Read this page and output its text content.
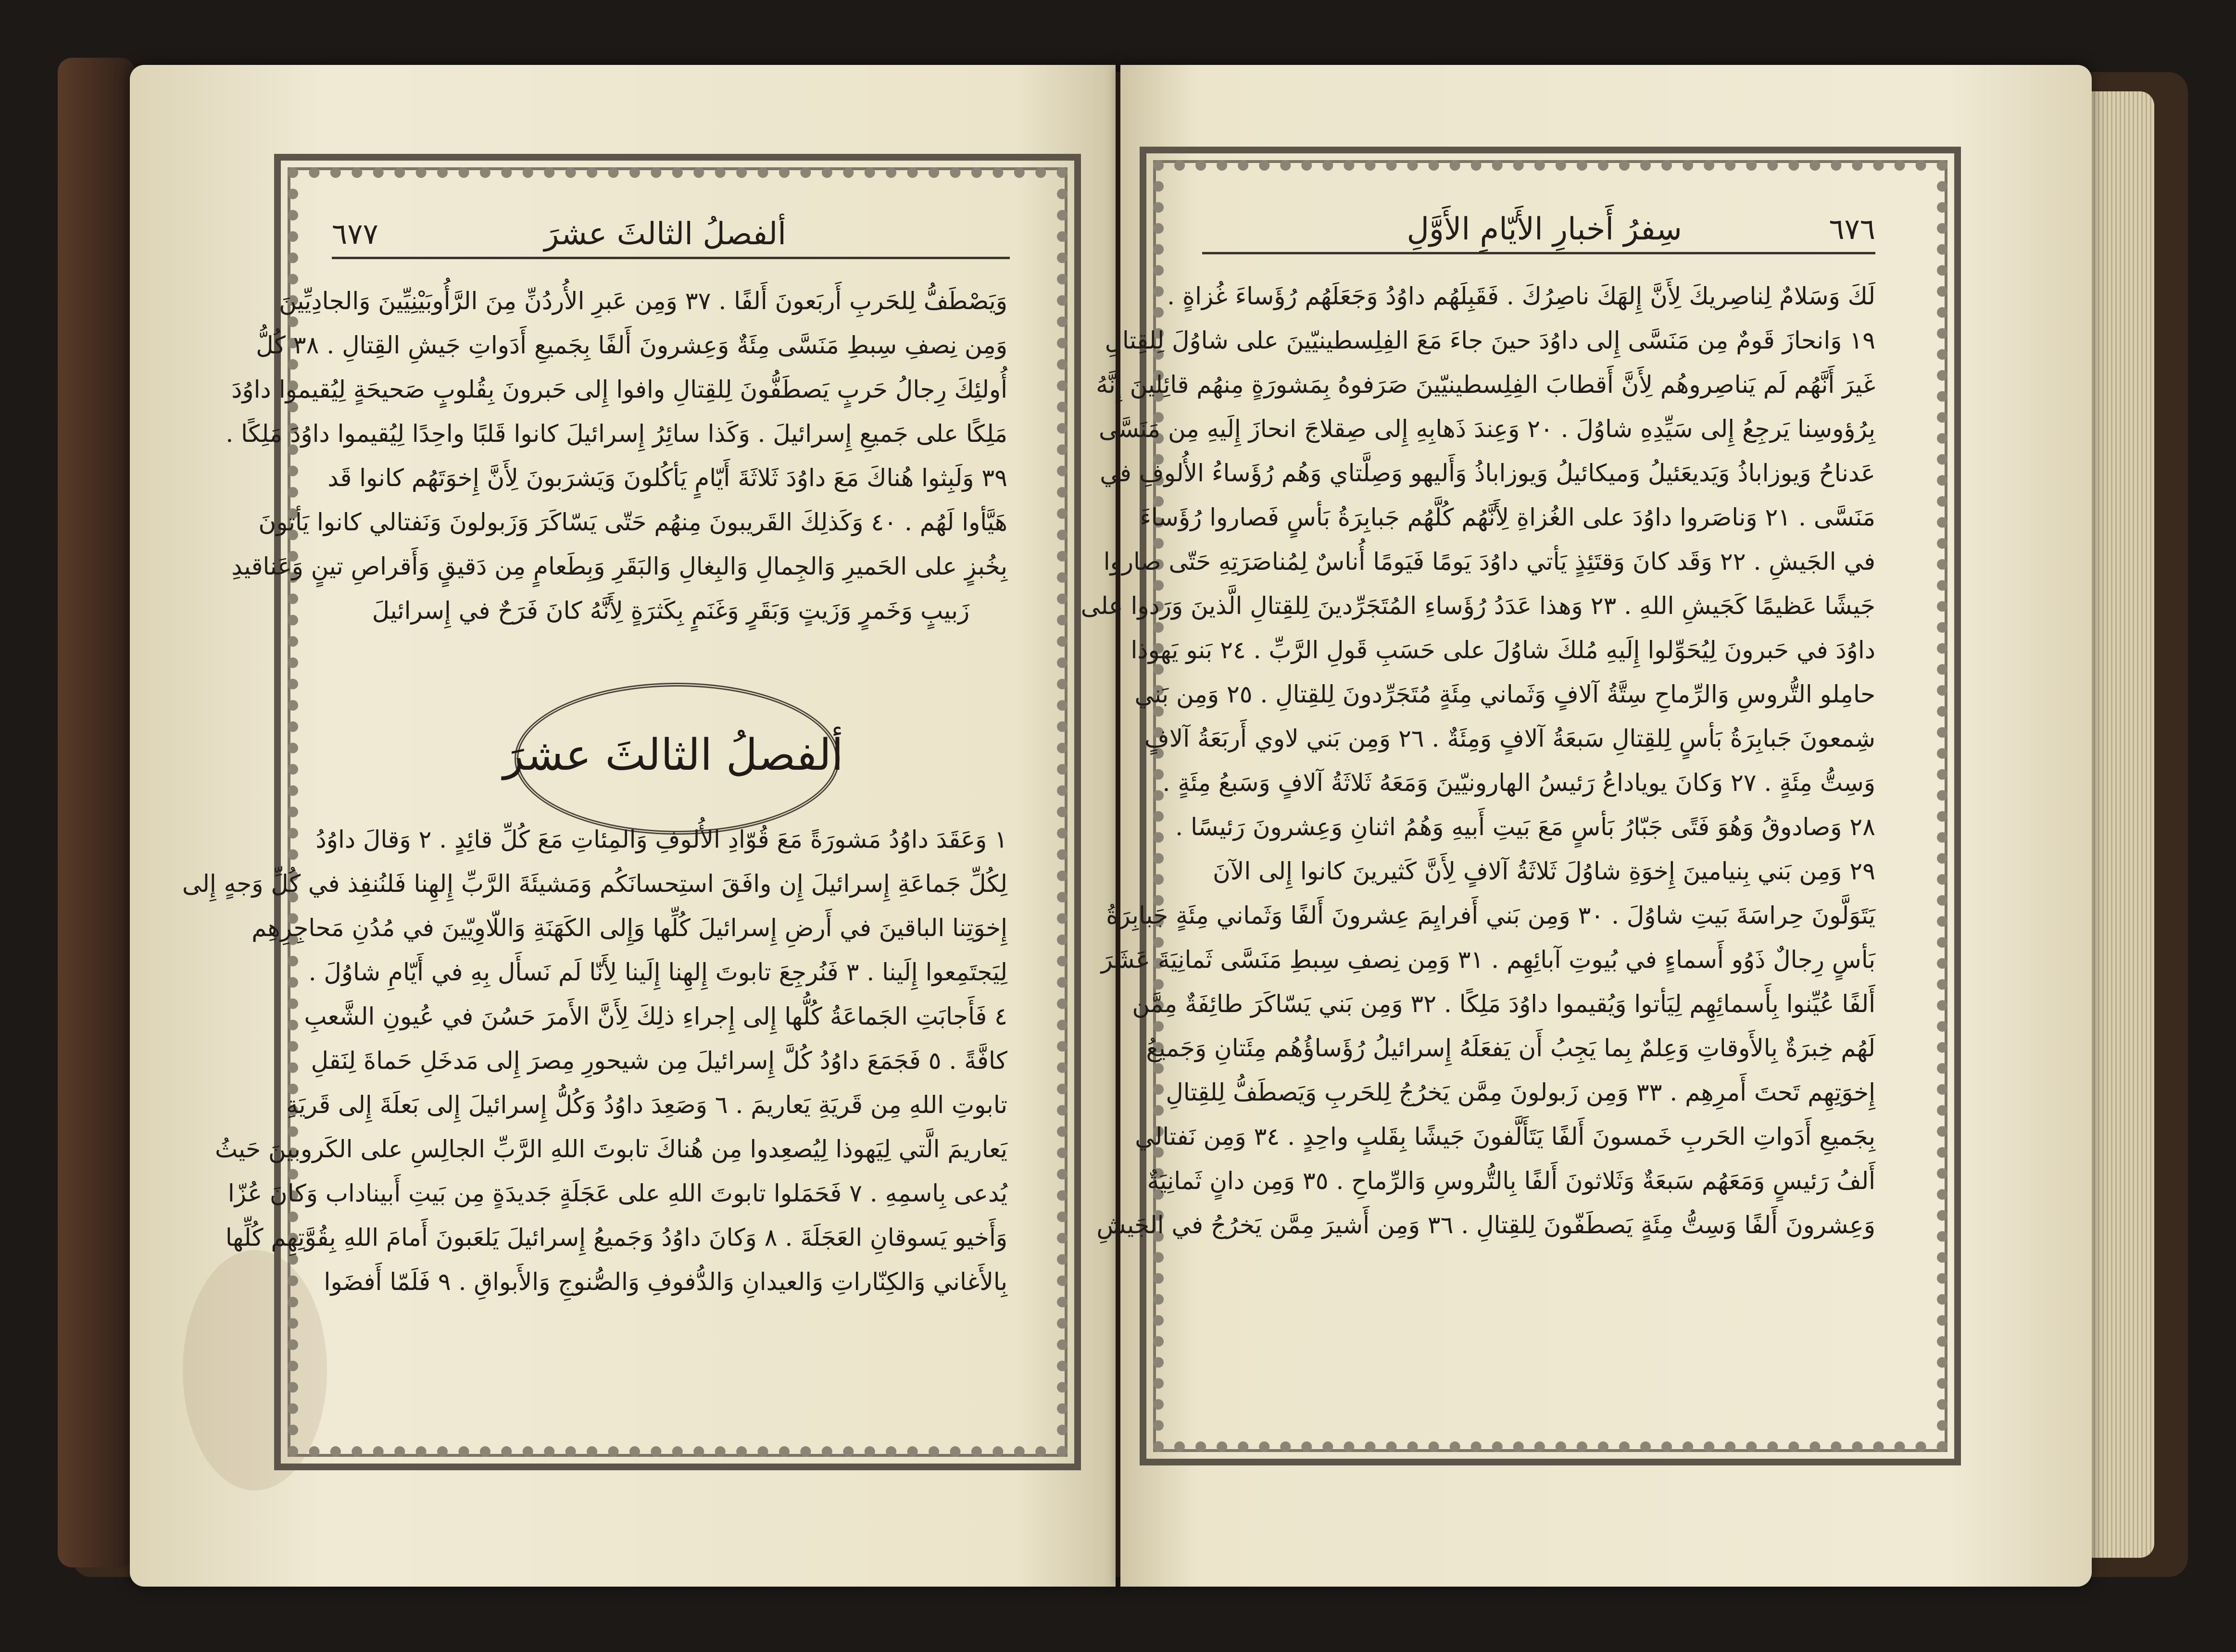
٦٧٧	ألفصلُ الثالثَ عشرَ

وَيَصْطَفُّ لِلحَربِ أَربَعونَ أَلفًا . ٣٧ وَمِن عَبرِ الأُردُنِّ مِنَ الرَّأُوبَيْنِيِّينَ وَالجادِيِّينَ

وَمِن نِصفِ سِبطِ مَنَسَّى مِئَةٌ وَعِشرونَ أَلفًا بِجَميعِ أَدَواتِ جَيشِ القِتالِ . ٣٨ كُلُّ

أُولئِكَ رِجالُ حَربٍ يَصطَفُّونَ لِلقِتالِ وافوا إِلى حَبرونَ بِقُلوبٍ صَحيحَةٍ لِيُقيموا داوُدَ

مَلِكًا على جَميعِ إِسرائيلَ . وَكَذا سائِرُ إِسرائيلَ كانوا قَلبًا واحِدًا لِيُقيموا داوُدَ مَلِكًا .

٣٩ وَلَبِثوا هُناكَ مَعَ داوُدَ ثَلاثَةَ أَيّامٍ يَأكُلونَ وَيَشرَبونَ لِأَنَّ إِخوَتَهُم كانوا قَد

هَيَّأوا لَهُم . ٤٠ وَكَذلِكَ القَريبونَ مِنهُم حَتّى يَسّاكَرَ وَزَبولونَ وَنَفتالي كانوا يَأتونَ

بِخُبزٍ على الحَميرِ وَالجِمالِ وَالبِغالِ وَالبَقَرِ وَبِطَعامٍ مِن دَقيقٍ وَأَقراصِ تينٍ وَعَناقيدِ

زَبيبٍ وَخَمرٍ وَزَيتٍ وَبَقَرٍ وَغَنَمٍ بِكَثرَةٍ لِأَنَّهُ كانَ فَرَحٌ في إِسرائيلَ

ألفصلُ الثالثَ عشرَ

١ وَعَقَدَ داوُدُ مَشورَةً مَعَ قُوّادِ الأُلوفِ وَالمِئاتِ مَعَ كُلِّ قائِدٍ . ٢ وَقالَ داوُدُ

لِكُلِّ جَماعَةِ إِسرائيلَ إِن وافَقَ استِحسانَكُم وَمَشيئَةَ الرَّبِّ إِلهِنا فَلنُنفِذ في كُلِّ وَجهٍ إِلى

إِخوَتِنا الباقينَ في أَرضِ إِسرائيلَ كُلِّها وَإِلى الكَهَنَةِ وَاللّاوِيّينَ في مُدُنِ مَحاجِرِهِم

لِيَجتَمِعوا إِلَينا . ٣ فَنُرجِعَ تابوتَ إِلهِنا إِلَينا لِأَنّا لَم نَسأَل بِهِ في أَيّامِ شاوُلَ .

٤ فَأَجابَتِ الجَماعَةُ كُلُّها إِلى إِجراءِ ذلِكَ لِأَنَّ الأَمرَ حَسُنَ في عُيونِ الشَّعبِ

كافَّةً . ٥ فَجَمَعَ داوُدُ كُلَّ إِسرائيلَ مِن شيحورِ مِصرَ إِلى مَدخَلِ حَماةَ لِنَقلِ

تابوتِ اللهِ مِن قَريَةِ يَعاريمَ . ٦ وَصَعِدَ داوُدُ وَكُلُّ إِسرائيلَ إِلى بَعلَةَ إِلى قَريَةِ

يَعاريمَ الَّتي لِيَهوذا لِيُصعِدوا مِن هُناكَ تابوتَ اللهِ الرَّبِّ الجالِسِ على الكَروبينَ حَيثُ

يُدعى بِاسمِهِ . ٧ فَحَمَلوا تابوتَ اللهِ على عَجَلَةٍ جَديدَةٍ مِن بَيتِ أَبيناداب وَكانَ عُزّا

وَأَخيو يَسوقانِ العَجَلَةَ . ٨ وَكانَ داوُدُ وَجَميعُ إِسرائيلَ يَلعَبونَ أَمامَ اللهِ بِقُوَّتِهِم كُلِّها

بِالأَغاني وَالكِنّاراتِ وَالعيدانِ وَالدُّفوفِ وَالصُّنوجِ وَالأَبواقِ . ٩ فَلَمّا أَفضَوا

سِفرُ أَخبارِ الأَيّامِ الأَوَّلِ	٦٧٦

لَكَ وَسَلامٌ لِناصِريكَ لِأَنَّ إِلهَكَ ناصِرُكَ . فَقَبِلَهُم داوُدُ وَجَعَلَهُم رُؤَساءَ غُزاةٍ .

١٩ وَانحازَ قَومٌ مِن مَنَسَّى إِلى داوُدَ حينَ جاءَ مَعَ الفِلِسطينيّينَ على شاوُلَ لِلقِتالِ

غَيرَ أَنَّهُم لَم يَناصِروهُم لِأَنَّ أَقطابَ الفِلِسطينيّينَ صَرَفوهُ بِمَشورَةٍ مِنهُم قائِلينَ إِنَّهُ

بِرُؤوسِنا يَرجِعُ إِلى سَيِّدِهِ شاوُلَ . ٢٠ وَعِندَ ذَهابِهِ إِلى صِقلاجَ انحازَ إِلَيهِ مِن مَنَسَّى

عَدناحُ وَيوزاباذُ وَيَديعَئيلُ وَميكائيلُ وَيوزاباذُ وَأَليهو وَصِلَّتاي وَهُم رُؤَساءُ الأُلوفِ في

مَنَسَّى . ٢١ وَناصَروا داوُدَ على الغُزاةِ لِأَنَّهُم كُلَّهُم جَبابِرَةُ بَأسٍ فَصاروا رُؤَساءَ

في الجَيشِ . ٢٢ وَقَد كانَ وَقتَئِذٍ يَأتي داوُدَ يَومًا فَيَومًا أُناسٌ لِمُناصَرَتِهِ حَتّى صاروا

جَيشًا عَظيمًا كَجَيشِ اللهِ . ٢٣ وَهذا عَدَدُ رُؤَساءِ المُتَجَرِّدينَ لِلقِتالِ الَّذينَ وَرَدوا على

داوُدَ في حَبرونَ لِيُحَوِّلوا إِلَيهِ مُلكَ شاوُلَ على حَسَبِ قَولِ الرَّبِّ . ٢٤ بَنو يَهوذا

حامِلو التُّروسِ وَالرِّماحِ سِتَّةُ آلافٍ وَثَماني مِئَةٍ مُتَجَرِّدونَ لِلقِتالِ . ٢٥ وَمِن بَني

شِمعونَ جَبابِرَةُ بَأسٍ لِلقِتالِ سَبعَةُ آلافٍ وَمِئَةٌ . ٢٦ وَمِن بَني لاوي أَربَعَةُ آلافٍ

وَسِتُّ مِئَةٍ . ٢٧ وَكانَ يوياداعُ رَئيسُ الهارونيّينَ وَمَعَهُ ثَلاثَةُ آلافٍ وَسَبعُ مِئَةٍ .

٢٨ وَصادوقُ وَهُوَ فَتًى جَبّارُ بَأسٍ مَعَ بَيتِ أَبيهِ وَهُمُ اثنانِ وَعِشرونَ رَئيسًا .

٢٩ وَمِن بَني بِنيامينَ إِخوَةِ شاوُلَ ثَلاثَةُ آلافٍ لِأَنَّ كَثيرينَ كانوا إِلى الآنَ

يَتَوَلَّونَ حِراسَةَ بَيتِ شاوُلَ . ٣٠ وَمِن بَني أَفرايِمَ عِشرونَ أَلفًا وَثَماني مِئَةٍ جَبابِرَةُ

بَأسٍ رِجالٌ ذَوُو أَسماءٍ في بُيوتِ آبائِهِم . ٣١ وَمِن نِصفِ سِبطِ مَنَسَّى ثَمانِيَةَ عَشَرَ

أَلفًا عُيِّنوا بِأَسمائِهِم لِيَأتوا وَيُقيموا داوُدَ مَلِكًا . ٣٢ وَمِن بَني يَسّاكَرَ طائِفَةٌ مِمَّن

لَهُم خِبرَةٌ بِالأَوقاتِ وَعِلمٌ بِما يَجِبُ أَن يَفعَلَهُ إِسرائيلُ رُؤَساؤُهُم مِئَتانِ وَجَميعُ

إِخوَتِهِم تَحتَ أَمرِهِم . ٣٣ وَمِن زَبولونَ مِمَّن يَخرُجُ لِلحَربِ وَيَصطَفُّ لِلقِتالِ

بِجَميعِ أَدَواتِ الحَربِ خَمسونَ أَلفًا يَتَأَلَّفونَ جَيشًا بِقَلبٍ واحِدٍ . ٣٤ وَمِن نَفتالي

أَلفُ رَئيسٍ وَمَعَهُم سَبعَةٌ وَثَلاثونَ أَلفًا بِالتُّروسِ وَالرِّماحِ . ٣٥ وَمِن دانٍ ثَمانِيَةٌ

وَعِشرونَ أَلفًا وَسِتُّ مِئَةٍ يَصطَفّونَ لِلقِتالِ . ٣٦ وَمِن أَشيرَ مِمَّن يَخرُجُ في الجَيشِ
